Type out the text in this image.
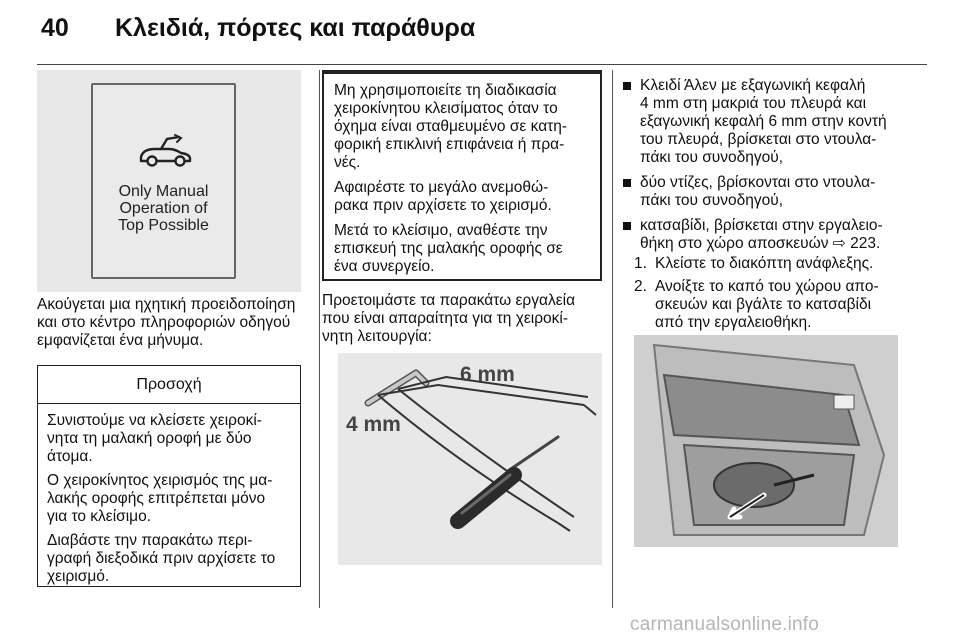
40 Κλειδιά, πόρτες και παράθυρα
Only Manual
Operation of
Top Possible
Ακούγεται μια ηχητική προειδοποίηση
και στο κέντρο πληροφοριών οδηγού
εμφανίζεται ένα μήνυμα.
Προσοχή

Συνιστούμε να κλείσετε χειροκί-
νητα τη μαλακή οροφή με δύο
άτομα.

Ο χειροκίνητος χειρισμός της μα-
λακής οροφής επιτρέπεται μόνο
για το κλείσιμο.

Διαβάστε την παρακάτω περι-
γραφή διεξοδικά πριν αρχίσετε το
χειρισμό.

Μη χρησιμοποιείτε τη διαδικασία
χειροκίνητου κλεισίματος όταν το
όχημα είναι σταθμευμένο σε κατη-
φορική επικλινή επιφάνεια ή πρα-
νές.

Αφαιρέστε το μεγάλο ανεμοθώ-
ρακα πριν αρχίσετε το χειρισμό.

Μετά το κλείσιμο, αναθέστε την
επισκευή της μαλακής οροφής σε
ένα συνεργείο.

Προετοιμάστε τα παρακάτω εργαλεία
που είναι απαραίτητα για τη χειροκί-
νητη λειτουργία:
6 mm
4 mm
Κλειδί Άλεν με εξαγωνική κεφαλή
4 mm στη μακριά του πλευρά και
εξαγωνική κεφαλή 6 mm στην κοντή
του πλευρά, βρίσκεται στο ντουλα-
πάκι του συνοδηγού,
δύο ντίζες, βρίσκονται στο ντουλα-
πάκι του συνοδηγού,
κατσαβίδι, βρίσκεται στην εργαλειο-
θήκη στο χώρο αποσκευών ⇨ 223.
1. Κλείστε το διακόπτη ανάφλεξης.
2. Ανοίξτε το καπό του χώρου απο-
σκευών και βγάλτε το κατσαβίδι
από την εργαλειοθήκη.
carmanualsonline.info
